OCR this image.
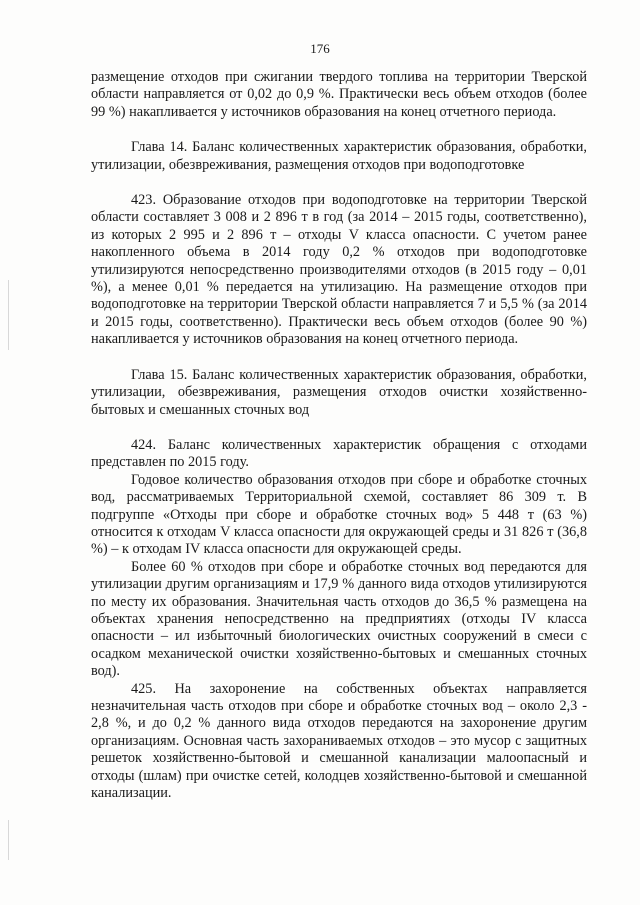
176

размещение отходов при сжигании твердого топлива на территории Тверской области направляется от 0,02 до 0,9 %. Практически весь объем отходов (более 99 %) накапливается у источников образования на конец отчетного периода.

Глава 14. Баланс количественных характеристик образования, обработки, утилизации, обезвреживания, размещения отходов при водоподготовке

423. Образование отходов при водоподготовке на территории Тверской области составляет 3 008 и 2 896 т в год (за 2014 – 2015 годы, соответственно), из которых 2 995 и 2 896 т – отходы V класса опасности. С учетом ранее накопленного объема в 2014 году 0,2 % отходов при водоподготовке утилизируются непосредственно производителями отходов (в 2015 году – 0,01 %), а менее 0,01 % передается на утилизацию. На размещение отходов при водоподготовке на территории Тверской области направляется 7 и 5,5 % (за 2014 и 2015 годы, соответственно). Практически весь объем отходов (более 90 %) накапливается у источников образования на конец отчетного периода.

Глава 15. Баланс количественных характеристик образования, обработки, утилизации, обезвреживания, размещения отходов очистки хозяйственно-бытовых и смешанных сточных вод

424. Баланс количественных характеристик обращения с отходами представлен по 2015 году.

Годовое количество образования отходов при сборе и обработке сточных вод, рассматриваемых Территориальной схемой, составляет 86 309 т. В подгруппе «Отходы при сборе и обработке сточных вод» 5 448 т (63 %) относится к отходам V класса опасности для окружающей среды и 31 826 т (36,8 %) – к отходам IV класса опасности для окружающей среды.

Более 60 % отходов при сборе и обработке сточных вод передаются для утилизации другим организациям и 17,9 % данного вида отходов утилизируются по месту их образования. Значительная часть отходов до 36,5 % размещена на объектах хранения непосредственно на предприятиях (отходы IV класса опасности – ил избыточный биологических очистных сооружений в смеси с осадком механической очистки хозяйственно-бытовых и смешанных сточных вод).

425. На захоронение на собственных объектах направляется незначительная часть отходов при сборе и обработке сточных вод – около 2,3 - 2,8 %, и до 0,2 % данного вида отходов передаются на захоронение другим организациям. Основная часть захораниваемых отходов – это мусор с защитных решеток хозяйственно-бытовой и смешанной канализации малоопасный и отходы (шлам) при очистке сетей, колодцев хозяйственно-бытовой и смешанной канализации.
